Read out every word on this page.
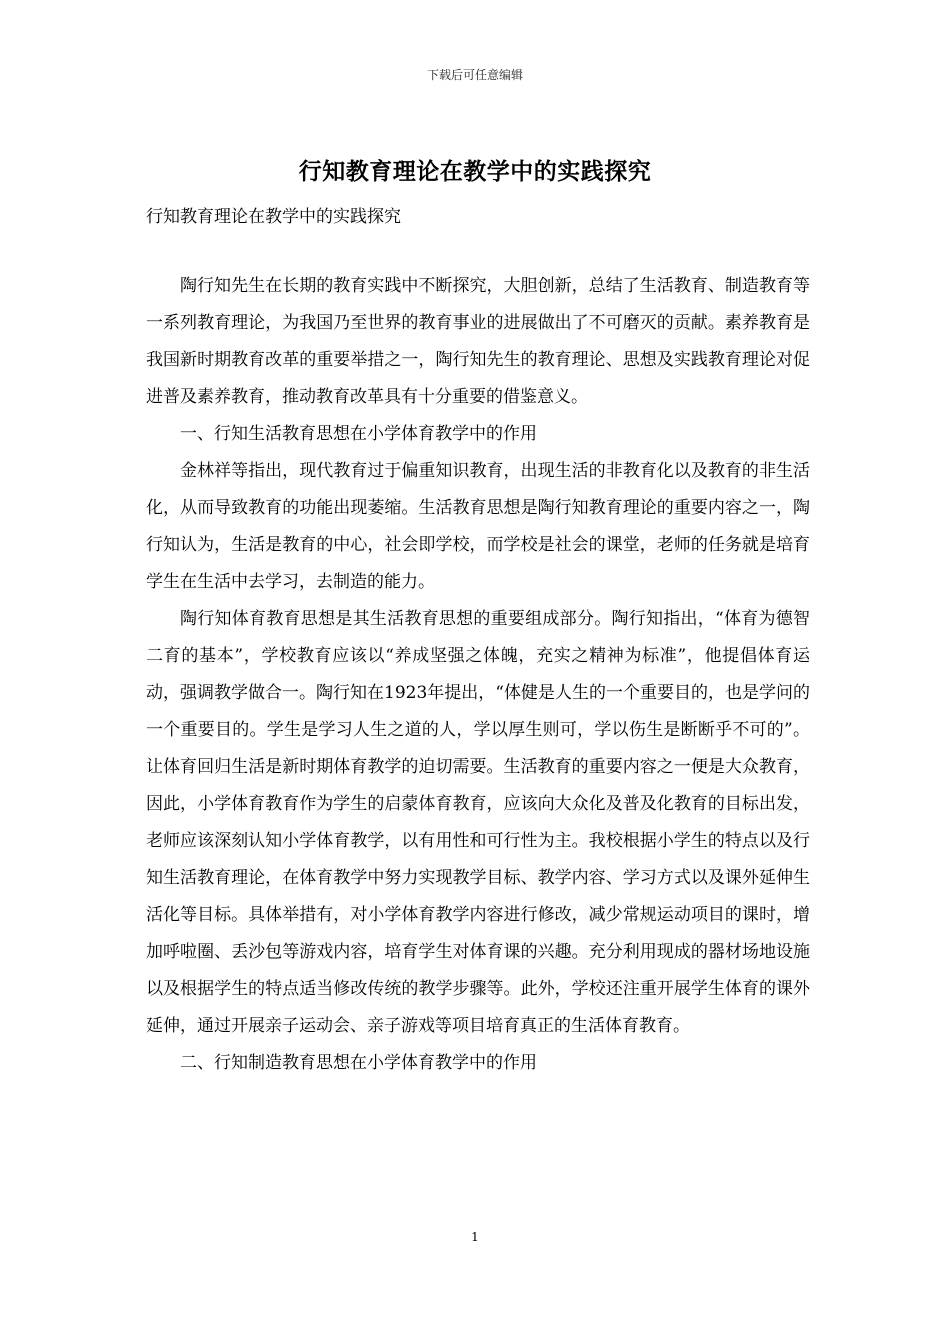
下载后可任意编辑
行知教育理论在教学中的实践探究
行知教育理论在教学中的实践探究

陶行知先生在长期的教育实践中不断探究，大胆创新，总结了生活教育、制造教育等一系列教育理论，为我国乃至世界的教育事业的进展做出了不可磨灭的贡献。素养教育是我国新时期教育改革的重要举措之一，陶行知先生的教育理论、思想及实践教育理论对促进普及素养教育，推动教育改革具有十分重要的借鉴意义。

一、行知生活教育思想在小学体育教学中的作用

金林祥等指出，现代教育过于偏重知识教育，出现生活的非教育化以及教育的非生活化，从而导致教育的功能出现萎缩。生活教育思想是陶行知教育理论的重要内容之一，陶行知认为，生活是教育的中心，社会即学校，而学校是社会的课堂，老师的任务就是培育学生在生活中去学习，去制造的能力。

陶行知体育教育思想是其生活教育思想的重要组成部分。陶行知指出，“体育为德智二育的基本”，学校教育应该以“养成坚强之体魄，充实之精神为标准”，他提倡体育运动，强调教学做合一。陶行知在1923年提出，“体健是人生的一个重要目的，也是学问的一个重要目的。学生是学习人生之道的人，学以厚生则可，学以伤生是断断乎不可的”。让体育回归生活是新时期体育教学的迫切需要。生活教育的重要内容之一便是大众教育，因此，小学体育教育作为学生的启蒙体育教育，应该向大众化及普及化教育的目标出发，老师应该深刻认知小学体育教学，以有用性和可行性为主。我校根据小学生的特点以及行知生活教育理论，在体育教学中努力实现教学目标、教学内容、学习方式以及课外延伸生活化等目标。具体举措有，对小学体育教学内容进行修改，减少常规运动项目的课时，增加呼啦圈、丢沙包等游戏内容，培育学生对体育课的兴趣。充分利用现成的器材场地设施以及根据学生的特点适当修改传统的教学步骤等。此外，学校还注重开展学生体育的课外延伸，通过开展亲子运动会、亲子游戏等项目培育真正的生活体育教育。

二、行知制造教育思想在小学体育教学中的作用

1
